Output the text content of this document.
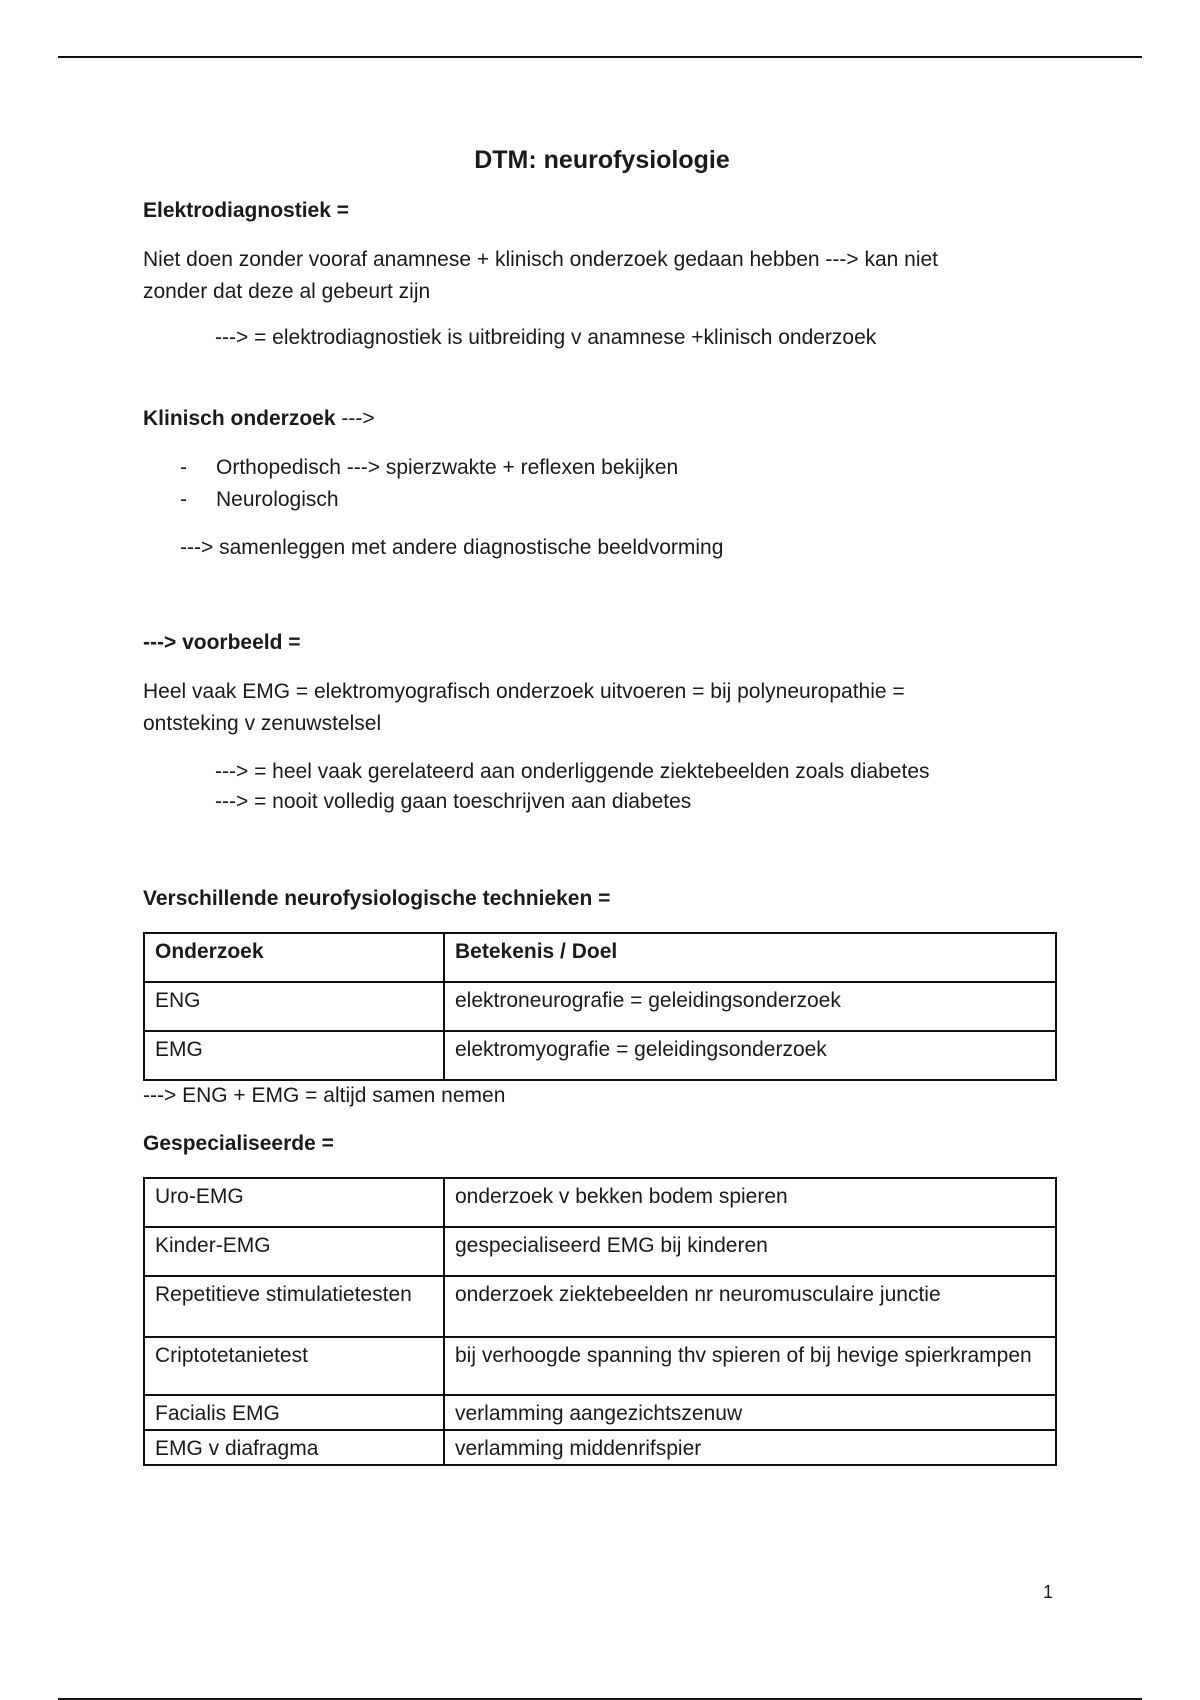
DTM: neurofysiologie
Elektrodiagnostiek =
Niet doen zonder vooraf anamnese + klinisch onderzoek gedaan hebben ---> kan niet
zonder dat deze al gebeurt zijn
---> = elektrodiagnostiek is uitbreiding v anamnese +klinisch onderzoek
Klinisch onderzoek --->
-	Orthopedisch ---> spierzwakte + reflexen bekijken
-	Neurologisch
---> samenleggen met andere diagnostische beeldvorming
---> voorbeeld =
Heel vaak EMG = elektromyografisch onderzoek uitvoeren = bij polyneuropathie =
ontsteking v zenuwstelsel
---> = heel vaak gerelateerd aan onderliggende ziektebeelden zoals diabetes
---> = nooit volledig gaan toeschrijven aan diabetes
Verschillende neurofysiologische technieken =
Onderzoek	Betekenis / Doel
ENG	elektroneurografie = geleidingsonderzoek
EMG	elektromyografie = geleidingsonderzoek
---> ENG + EMG = altijd samen nemen
Gespecialiseerde =
Uro-EMG	onderzoek v bekken bodem spieren
Kinder-EMG	gespecialiseerd EMG bij kinderen
Repetitieve stimulatietesten	onderzoek ziektebeelden nr neuromusculaire junctie
Criptotetanietest	bij verhoogde spanning thv spieren of bij hevige spierkrampen
Facialis EMG	verlamming aangezichtszenuw
EMG v diafragma	verlamming middenrifspier
1
